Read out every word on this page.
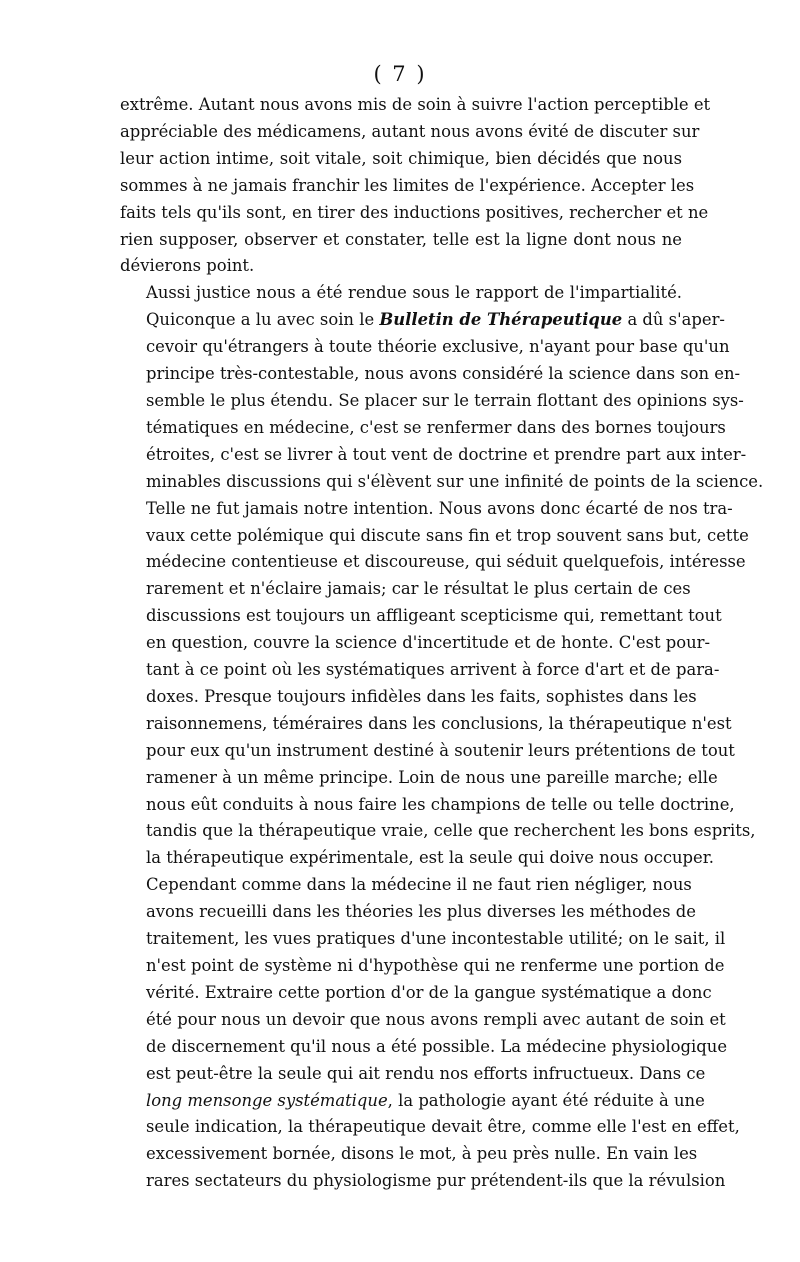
( 7 )

extrême. Autant nous avons mis de soin à suivre l'action perceptible et
appréciable des médicamens, autant nous avons évité de discuter sur
leur action intime, soit vitale, soit chimique, bien décidés que nous
sommes à ne jamais franchir les limites de l'expérience. Accepter les
faits tels qu'ils sont, en tirer des inductions positives, rechercher et ne
rien supposer, observer et constater, telle est la ligne dont nous ne
dévierons point.

Aussi justice nous a été rendue sous le rapport de l'impartialité.
Quiconque a lu avec soin le Bulletin de Thérapeutique a dû s'aper-
cevoir qu'étrangers à toute théorie exclusive, n'ayant pour base qu'un
principe très-contestable, nous avons considéré la science dans son en-
semble le plus étendu. Se placer sur le terrain flottant des opinions sys-
tématiques en médecine, c'est se renfermer dans des bornes toujours
étroites, c'est se livrer à tout vent de doctrine et prendre part aux inter-
minables discussions qui s'élèvent sur une infinité de points de la science.
Telle ne fut jamais notre intention. Nous avons donc écarté de nos tra-
vaux cette polémique qui discute sans fin et trop souvent sans but, cette
médecine contentieuse et discoureuse, qui séduit quelquefois, intéresse
rarement et n'éclaire jamais; car le résultat le plus certain de ces
discussions est toujours un affligeant scepticisme qui, remettant tout
en question, couvre la science d'incertitude et de honte. C'est pour-
tant à ce point où les systématiques arrivent à force d'art et de para-
doxes. Presque toujours infidèles dans les faits, sophistes dans les
raisonnemens, téméraires dans les conclusions, la thérapeutique n'est
pour eux qu'un instrument destiné à soutenir leurs prétentions de tout
ramener à un même principe. Loin de nous une pareille marche; elle
nous eût conduits à nous faire les champions de telle ou telle doctrine,
tandis que la thérapeutique vraie, celle que recherchent les bons esprits,
la thérapeutique expérimentale, est la seule qui doive nous occuper.

Cependant comme dans la médecine il ne faut rien négliger, nous
avons recueilli dans les théories les plus diverses les méthodes de
traitement, les vues pratiques d'une incontestable utilité; on le sait, il
n'est point de système ni d'hypothèse qui ne renferme une portion de
vérité. Extraire cette portion d'or de la gangue systématique a donc
été pour nous un devoir que nous avons rempli avec autant de soin et
de discernement qu'il nous a été possible. La médecine physiologique
est peut-être la seule qui ait rendu nos efforts infructueux. Dans ce
long mensonge systématique, la pathologie ayant été réduite à une
seule indication, la thérapeutique devait être, comme elle l'est en effet,
excessivement bornée, disons le mot, à peu près nulle. En vain les
rares sectateurs du physiologisme pur prétendent-ils que la révulsion
